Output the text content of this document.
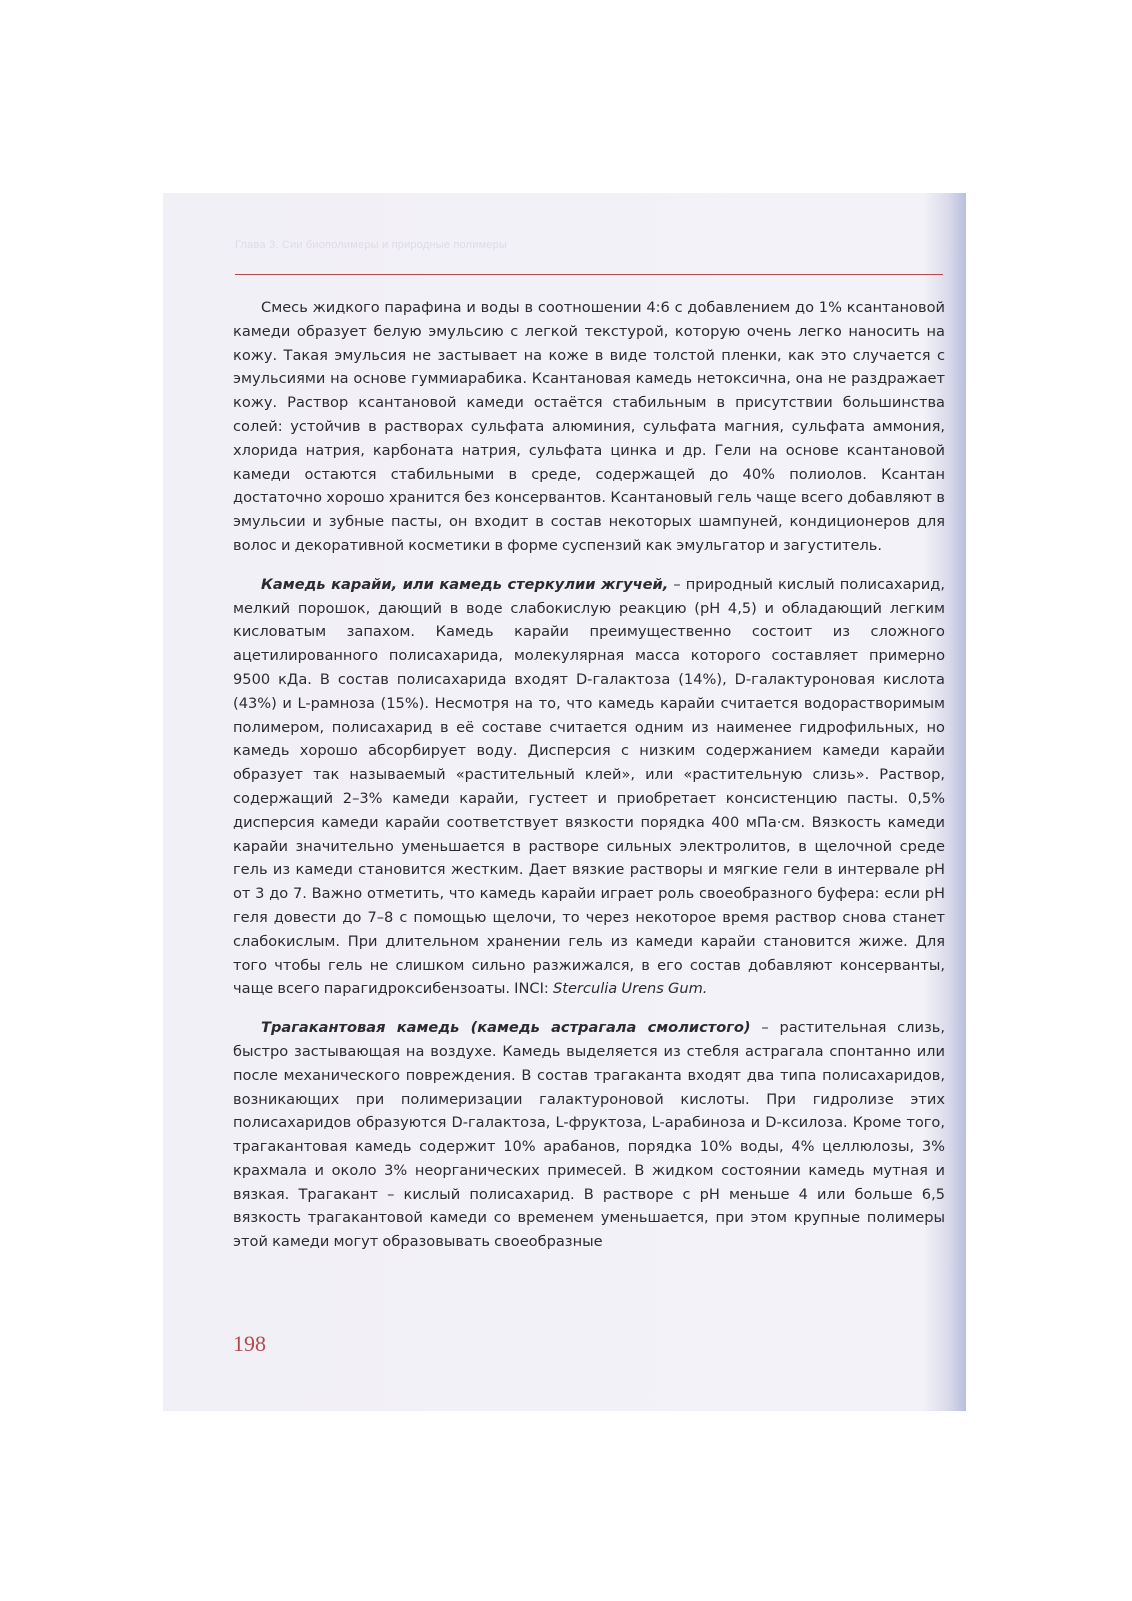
Глава 3. Сии биополимеры и природные полимеры

Смесь жидкого парафина и воды в соотношении 4:6 с добавлением до 1% ксантановой камеди образует белую эмульсию с легкой текстурой, которую очень легко наносить на кожу. Такая эмульсия не застывает на коже в виде толстой пленки, как это случается с эмульсиями на основе гуммиарабика. Ксантановая камедь нетоксична, она не раздражает кожу. Раствор ксантановой камеди остаётся стабильным в присутствии большинства солей: устойчив в растворах сульфата алюминия, сульфата магния, сульфата аммония, хлорида натрия, карбоната натрия, сульфата цинка и др. Гели на основе ксантановой камеди остаются стабильными в среде, содержащей до 40% полиолов. Ксантан достаточно хорошо хранится без консервантов. Ксантановый гель чаще всего добавляют в эмульсии и зубные пасты, он входит в состав некоторых шампуней, кондиционеров для волос и декоративной косметики в форме суспензий как эмульгатор и загуститель.

Камедь карайи, или камедь стеркулии жгучей, – природный кислый полисахарид, мелкий порошок, дающий в воде слабокислую реакцию (pH 4,5) и обладающий легким кисловатым запахом. Камедь карайи преимущественно состоит из сложного ацетилированного полисахарида, молекулярная масса которого составляет примерно 9500 кДа. В состав полисахарида входят D-галактоза (14%), D-галактуроновая кислота (43%) и L-рамноза (15%). Несмотря на то, что камедь карайи считается водорастворимым полимером, полисахарид в её составе считается одним из наименее гидрофильных, но камедь хорошо абсорбирует воду. Дисперсия с низким содержанием камеди карайи образует так называемый «растительный клей», или «растительную слизь». Раствор, содержащий 2–3% камеди карайи, густеет и приобретает консистенцию пасты. 0,5% дисперсия камеди карайи соответствует вязкости порядка 400 мПа·см. Вязкость камеди карайи значительно уменьшается в растворе сильных электролитов, в щелочной среде гель из камеди становится жестким. Дает вязкие растворы и мягкие гели в интервале pH от 3 до 7. Важно отметить, что камедь карайи играет роль своеобразного буфера: если pH геля довести до 7–8 с помощью щелочи, то через некоторое время раствор снова станет слабокислым. При длительном хранении гель из камеди карайи становится жиже. Для того чтобы гель не слишком сильно разжижался, в его состав добавляют консерванты, чаще всего парагидроксибензоаты. INCI: Sterculia Urens Gum.

Трагакантовая камедь (камедь астрагала смолистого) – растительная слизь, быстро застывающая на воздухе. Камедь выделяется из стебля астрагала спонтанно или после механического повреждения. В состав трагаканта входят два типа полисахаридов, возникающих при полимеризации галактуроновой кислоты. При гидролизе этих полисахаридов образуются D-галактоза, L-фруктоза, L-арабиноза и D-ксилоза. Кроме того, трагакантовая камедь содержит 10% арабанов, порядка 10% воды, 4% целлюлозы, 3% крахмала и около 3% неорганических примесей. В жидком состоянии камедь мутная и вязкая. Трагакант – кислый полисахарид. В растворе с pH меньше 4 или больше 6,5 вязкость трагакантовой камеди со временем уменьшается, при этом крупные полимеры этой камеди могут образовывать своеобразные

198
